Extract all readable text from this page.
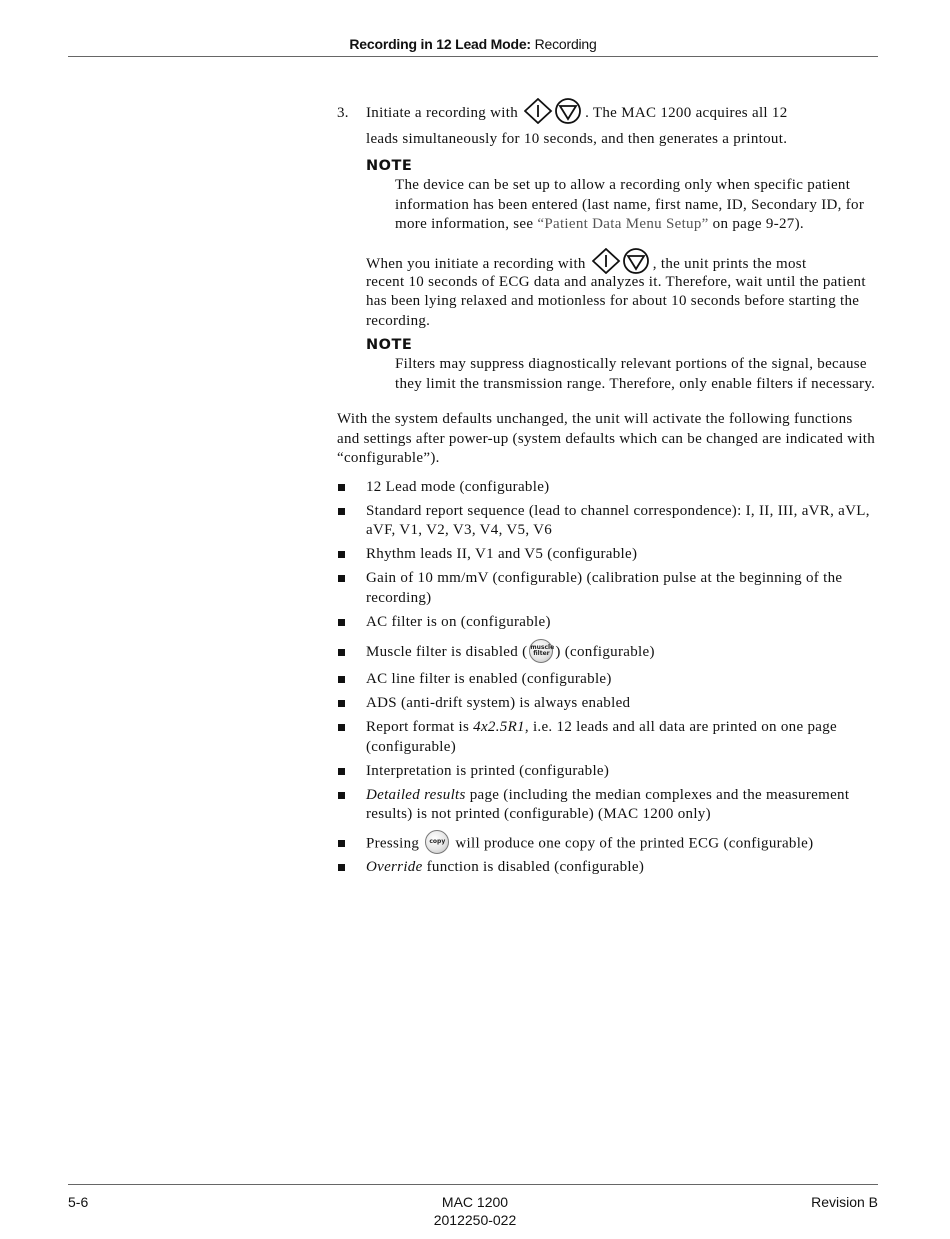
Recording in 12 Lead Mode: Recording
3. Initiate a recording with	. The MAC 1200 acquires all 12
leads simultaneously for 10 seconds, and then generates a printout.
NOTE
The device can be set up to allow a recording only when specific patient information has been entered (last name, first name, ID, Secondary ID, for more information, see “Patient Data Menu Setup” on page 9-27).
When you initiate a recording with	, the unit prints the most
recent 10 seconds of ECG data and analyzes it. Therefore, wait until the patient has been lying relaxed and motionless for about 10 seconds before starting the recording.
NOTE
Filters may suppress diagnostically relevant portions of the signal, because they limit the transmission range. Therefore, only enable filters if necessary.
With the system defaults unchanged, the unit will activate the following functions and settings after power-up (system defaults which can be changed are indicated with “configurable”).
12 Lead mode (configurable)
Standard report sequence (lead to channel correspondence): I, II, III, aVR, aVL, aVF, V1, V2, V3, V4, V5, V6
Rhythm leads II, V1 and V5 (configurable)
Gain of 10 mm/mV (configurable) (calibration pulse at the beginning of the recording)
AC filter is on (configurable)
Muscle filter is disabled ( muscle
filter ) (configurable)
AC line filter is enabled (configurable)
ADS (anti-drift system) is always enabled
Report format is 4x2.5R1, i.e. 12 leads and all data are printed on one page (configurable)
Interpretation is printed (configurable)
Detailed results page (including the median complexes and the measurement results) is not printed (configurable) (MAC 1200 only)
Pressing copy will produce one copy of the printed ECG (configurable)
Override function is disabled (configurable)
5-6	MAC 1200
2012250-022
Revision B
